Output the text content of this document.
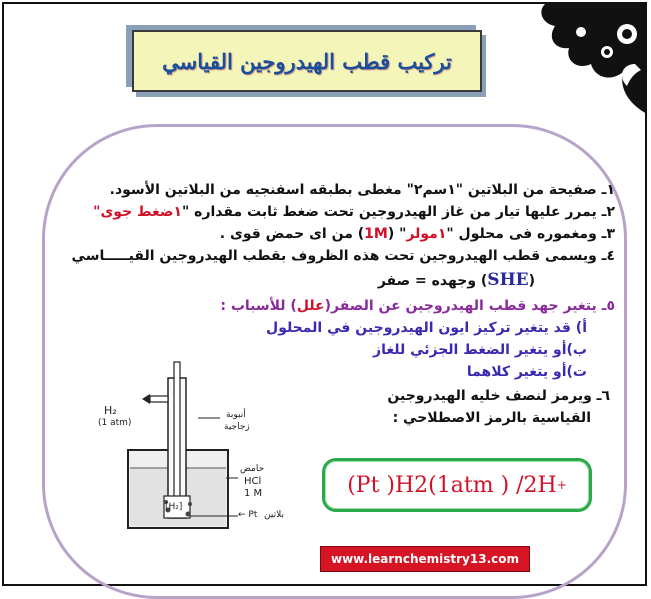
تركيب قطب الهيدروجين القياسي
١ـ صفيحة من البلاتين "١سم٢" مغطى بطبقه اسفنجيه من البلاتين الأسود.
٢ـ يمرر عليها تيار من غاز الهيدروجين تحت ضغط ثابت مقداره "١ضغط جوى"
٣ـ ومغموره فى محلول "١مولر" (1M) من اى حمض قوى .
٤ـ ويسمى قطب الهيدروجين تحت هذه الظروف بقطب الهيدروجين القيـــــاسي
(SHE) وجهده = صفر
٥ـ يتغير جهد قطب الهيدروجين عن الصفر(علل) للأسباب :
أ) قد يتغير تركيز ايون الهيدروجين في المحلول
ب)أو يتغير الضغط الجزئي للغاز
ت)أو يتغير كلاهما
٦ـ ويرمز لنصف خليه الهيدروجين
القياسية بالرمز الاصطلاحي :
H₂
(1 atm)
أنبوبة
زجاجية
حامض
HCl
1 M
← Pt بلاتين
[H₂]
(Pt )H2(1atm ) /2H +
www.learnchemistry13.com
